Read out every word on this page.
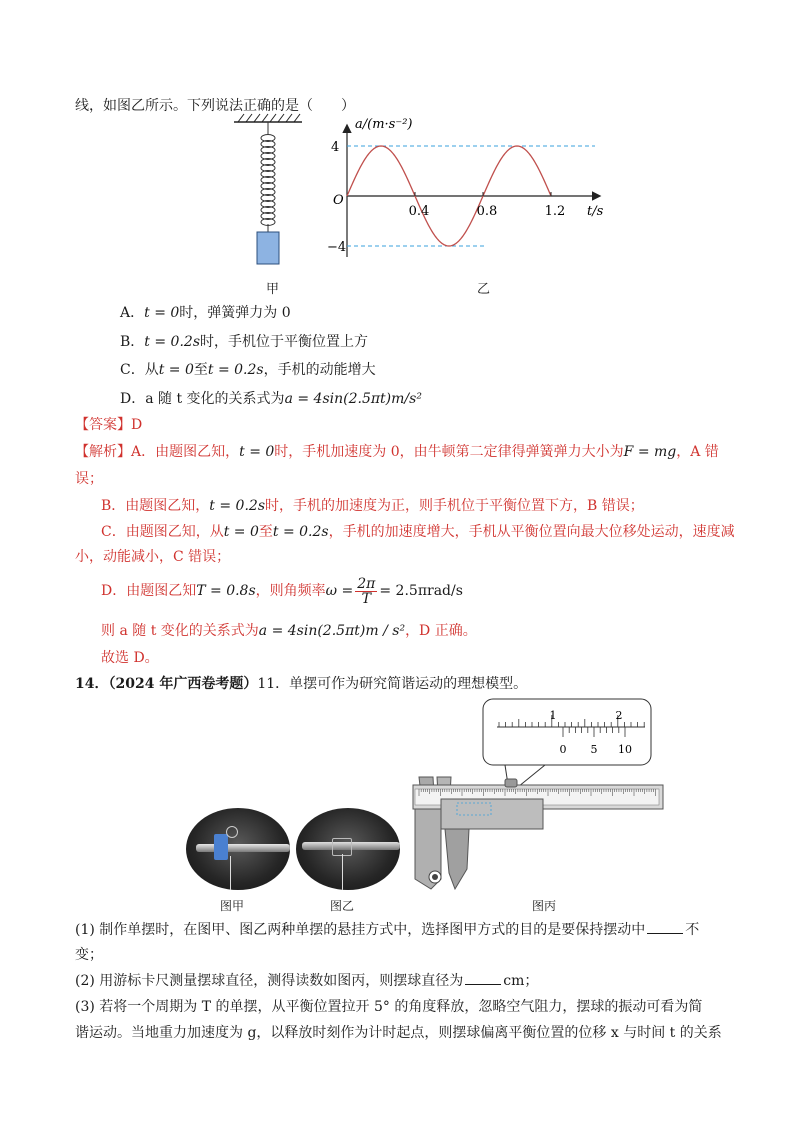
线，如图乙所示。下列说法正确的是（　　）
甲
a/(m·s⁻²)
t/s
O
4
−4
0.4	0.8	1.2
乙
A．t = 0时，弹簧弹力为 0
B．t = 0.2s时，手机位于平衡位置上方
C．从t = 0至t = 0.2s，手机的动能增大
D．a 随 t 变化的关系式为a = 4sin(2.5πt)m/s²
【答案】D
【解析】A．由题图乙知，t = 0时，手机加速度为 0，由牛顿第二定律得弹簧弹力大小为F = mg，A 错
误；
B．由题图乙知，t = 0.2s时，手机的加速度为正，则手机位于平衡位置下方，B 错误；
C．由题图乙知，从t = 0至t = 0.2s，手机的加速度增大，手机从平衡位置向最大位移处运动，速度减
小，动能减小，C 错误；
D．由题图乙知T = 0.8s，则角频率$\omega = \frac{2\pi}{T} = 2.5\pi rad/s$
则 a 随 t 变化的关系式为a = 4sin(2.5πt)m / s²，D 正确。
故选 D。
14．（2024 年广西卷考题）11．单摆可作为研究简谐运动的理想模型。
图甲	图乙
1	2
0 5 10
图丙
(1) 制作单摆时，在图甲、图乙两种单摆的悬挂方式中，选择图甲方式的目的是要保持摆动中	不
变；
(2) 用游标卡尺测量摆球直径，测得读数如图丙，则摆球直径为	cm；
(3) 若将一个周期为 T 的单摆，从平衡位置拉开 5° 的角度释放，忽略空气阻力，摆球的振动可看为简
谐运动。当地重力加速度为 g，以释放时刻作为计时起点，则摆球偏离平衡位置的位移 x 与时间 t 的关系
